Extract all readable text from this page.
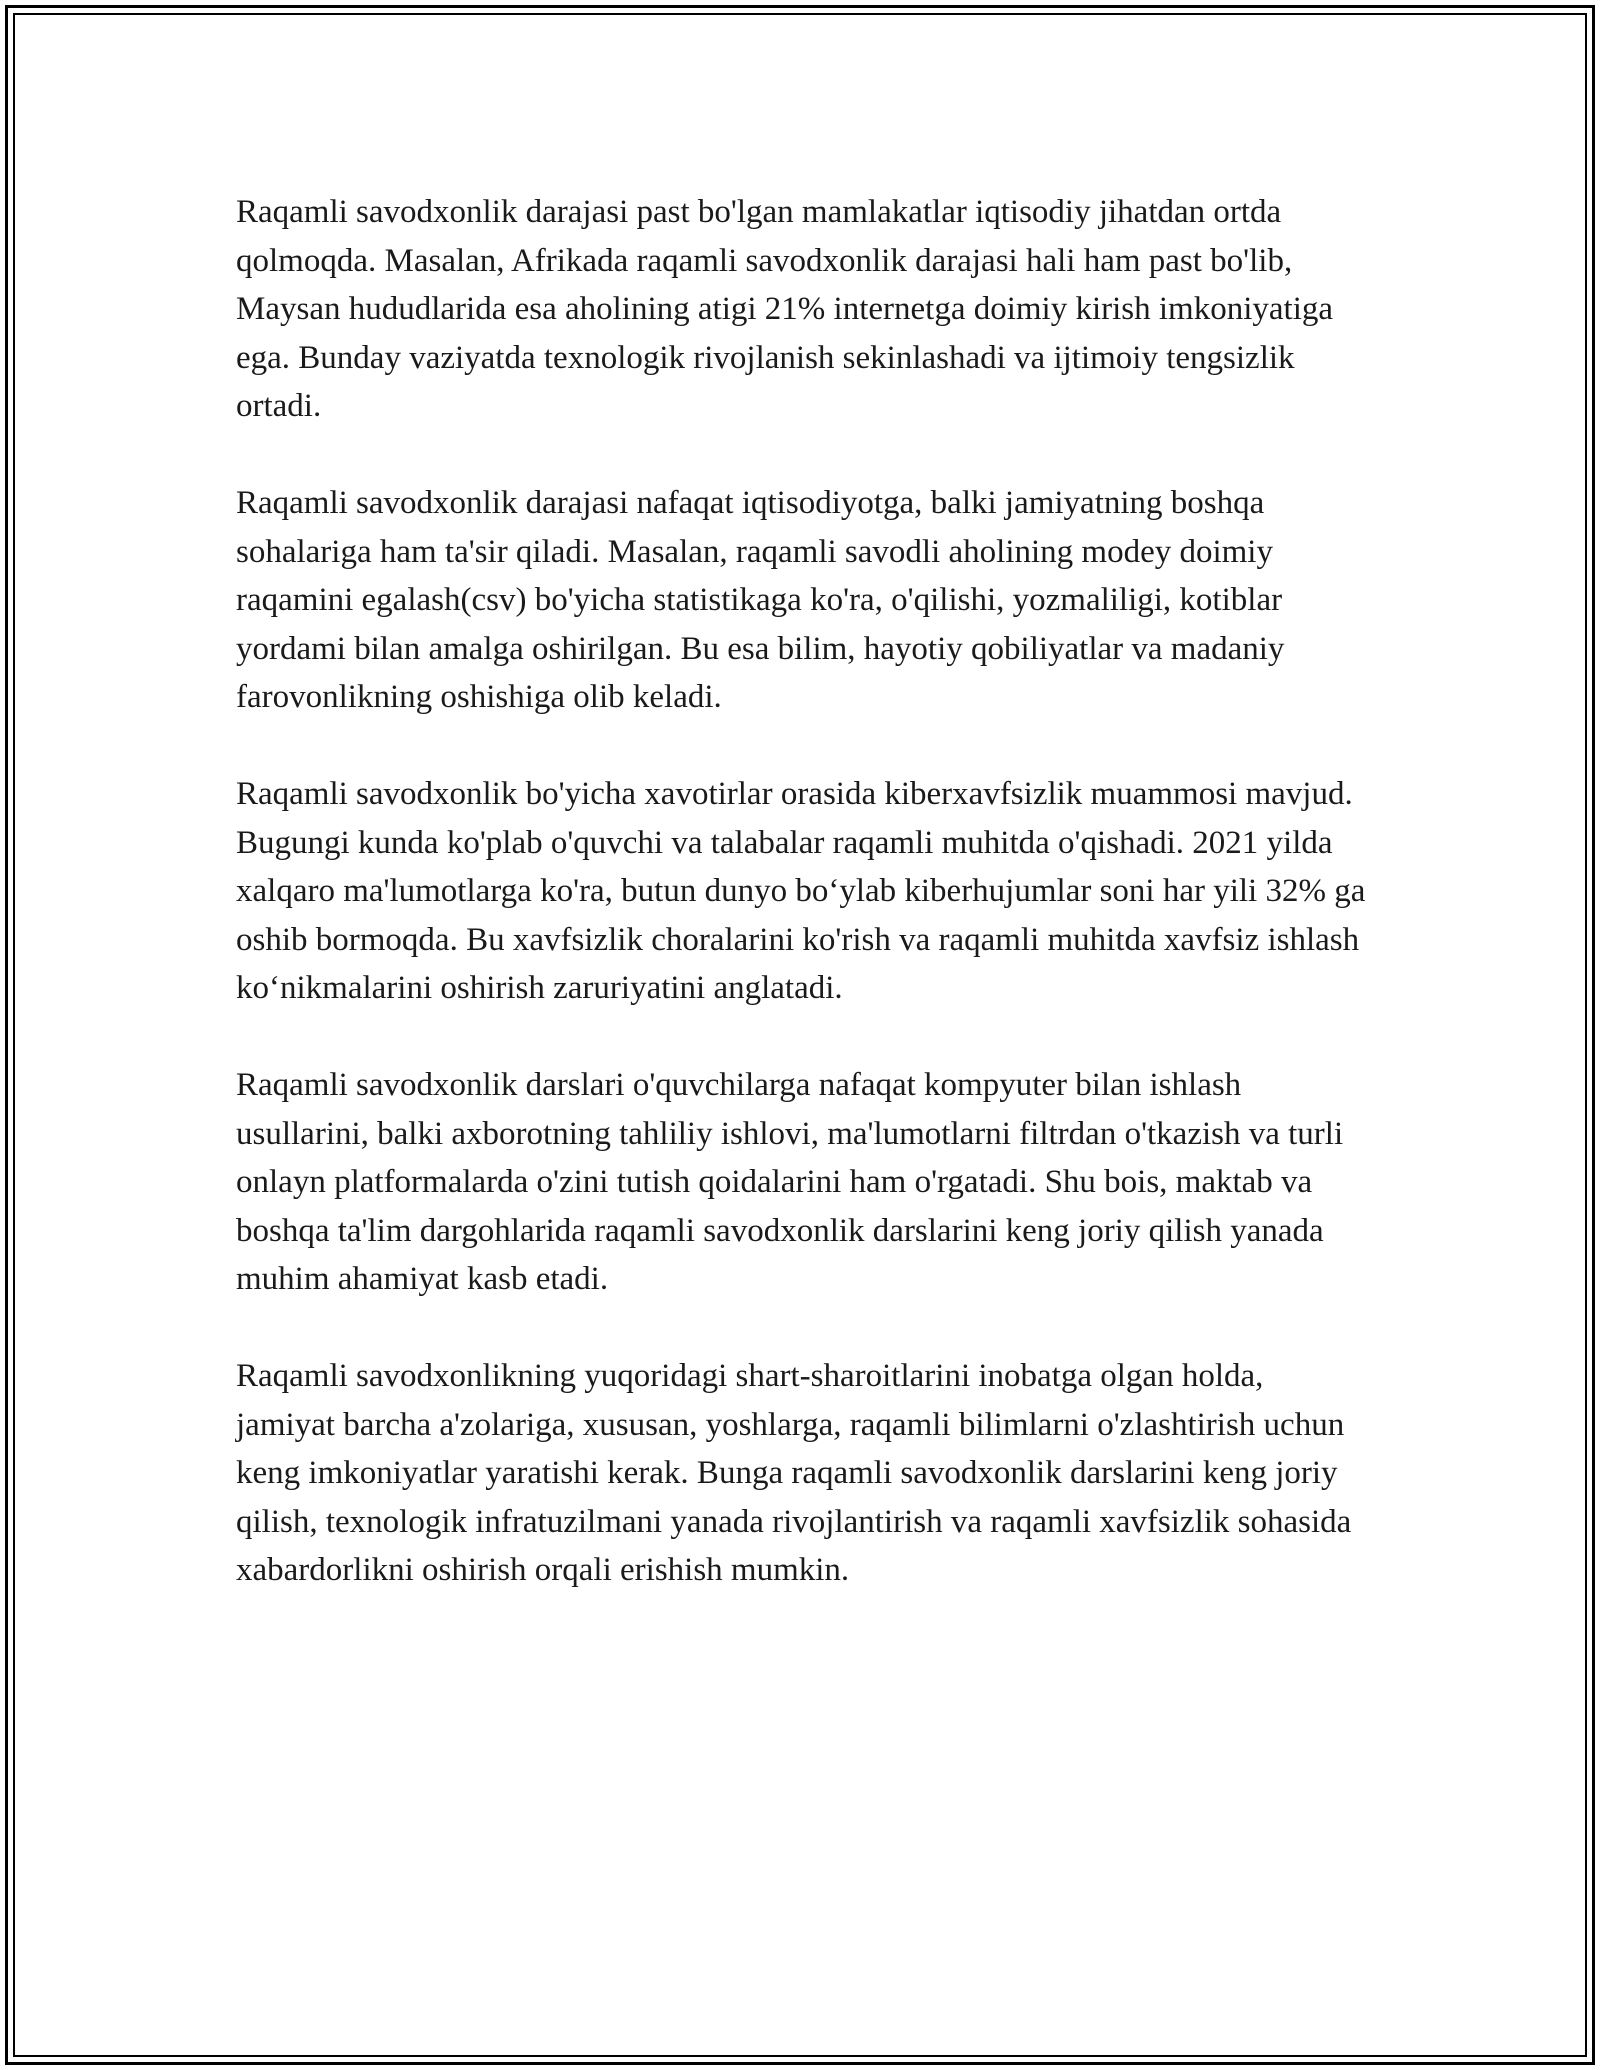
Raqamli savodxonlik darajasi past bo'lgan mamlakatlar iqtisodiy jihatdan ortda qolmoqda. Masalan, Afrikada raqamli savodxonlik darajasi hali ham past bo'lib, Maysan hududlarida esa aholining atigi 21% internetga doimiy kirish imkoniyatiga ega. Bunday vaziyatda texnologik rivojlanish sekinlashadi va ijtimoiy tengsizlik ortadi.

Raqamli savodxonlik darajasi nafaqat iqtisodiyotga, balki jamiyatning boshqa sohalariga ham ta'sir qiladi. Masalan, raqamli savodli aholining modey doimiy raqamini egalash(csv) bo'yicha statistikaga ko'ra, o'qilishi, yozmaliligi, kotiblar yordami bilan amalga oshirilgan. Bu esa bilim, hayotiy qobiliyatlar va madaniy farovonlikning oshishiga olib keladi.

Raqamli savodxonlik bo'yicha xavotirlar orasida kiberxavfsizlik muammosi mavjud. Bugungi kunda ko'plab o'quvchi va talabalar raqamli muhitda o'qishadi. 2021 yilda xalqaro ma'lumotlarga ko'ra, butun dunyo bo‘ylab kiberhujumlar soni har yili 32% ga oshib bormoqda. Bu xavfsizlik choralarini ko'rish va raqamli muhitda xavfsiz ishlash ko‘nikmalarini oshirish zaruriyatini anglatadi.

Raqamli savodxonlik darslari o'quvchilarga nafaqat kompyuter bilan ishlash usullarini, balki axborotning tahliliy ishlovi, ma'lumotlarni filtrdan o'tkazish va turli onlayn platformalarda o'zini tutish qoidalarini ham o'rgatadi. Shu bois, maktab va boshqa ta'lim dargohlarida raqamli savodxonlik darslarini keng joriy qilish yanada muhim ahamiyat kasb etadi.

Raqamli savodxonlikning yuqoridagi shart-sharoitlarini inobatga olgan holda, jamiyat barcha a'zolariga, xususan, yoshlarga, raqamli bilimlarni o'zlashtirish uchun keng imkoniyatlar yaratishi kerak. Bunga raqamli savodxonlik darslarini keng joriy qilish, texnologik infratuzilmani yanada rivojlantirish va raqamli xavfsizlik sohasida xabardorlikni oshirish orqali erishish mumkin.
